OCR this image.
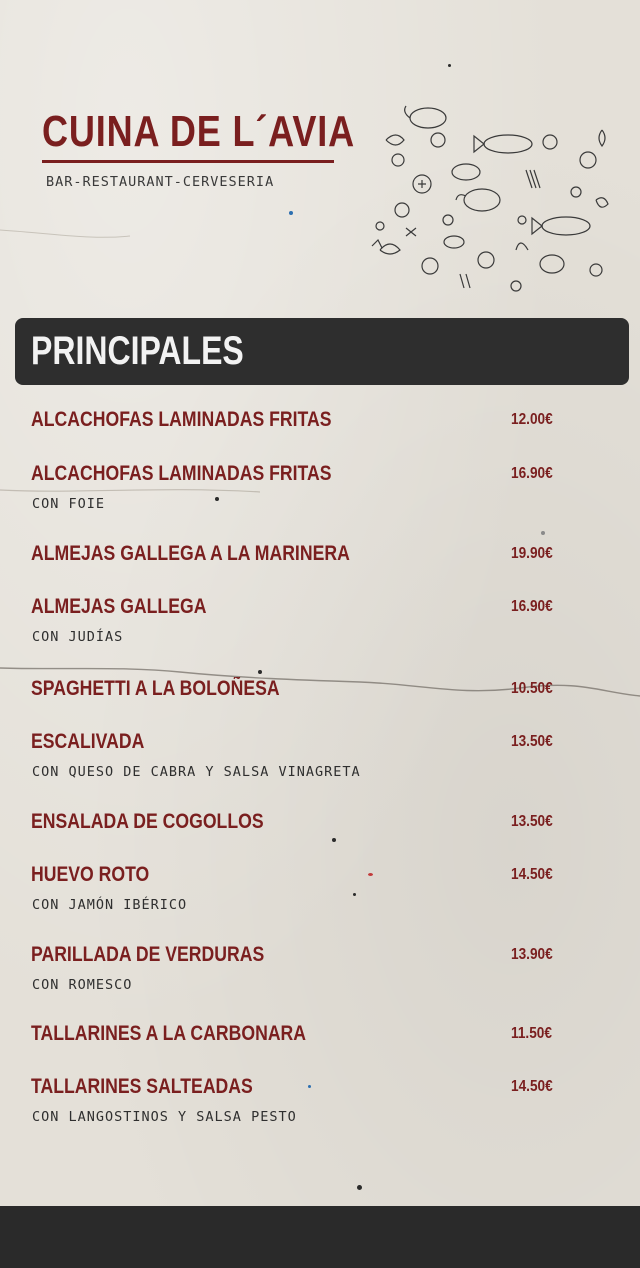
CUINA DE L´AVIA
BAR-RESTAURANT-CERVESERIA
PRINCIPALES
ALCACHOFAS LAMINADAS FRITAS	12.00€
ALCACHOFAS LAMINADAS FRITAS	16.90€
CON FOIE
ALMEJAS GALLEGA A LA MARINERA	19.90€
ALMEJAS GALLEGA	16.90€
CON JUDÍAS
SPAGHETTI A LA BOLOÑESA	10.50€
ESCALIVADA	13.50€
CON QUESO DE CABRA Y SALSA VINAGRETA
ENSALADA DE COGOLLOS	13.50€
HUEVO ROTO	14.50€
CON JAMÓN IBÉRICO
PARILLADA DE VERDURAS	13.90€
CON ROMESCO
TALLARINES A LA CARBONARA	11.50€
TALLARINES SALTEADAS	14.50€
CON LANGOSTINOS Y SALSA PESTO
